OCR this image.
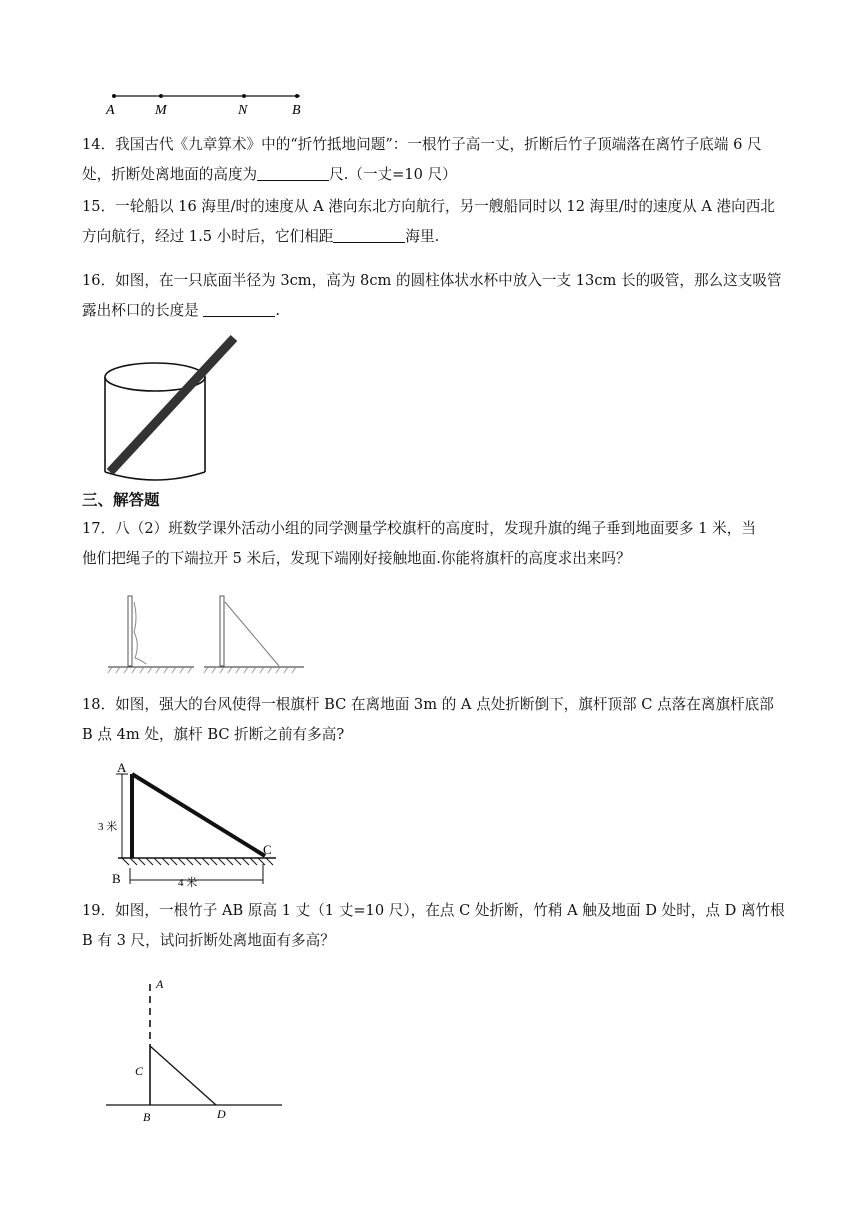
A	M	N	B

14．我国古代《九章算术》中的“折竹抵地问题”：一根竹子高一丈，折断后竹子顶端落在离竹子底端 6 尺
处，折断处离地面的高度为	尺.（一丈=10 尺）

15．一轮船以 16 海里/时的速度从 A 港向东北方向航行，另一艘船同时以 12 海里/时的速度从 A 港向西北
方向航行，经过 1.5 小时后，它们相距	海里.

16．如图，在一只底面半径为 3cm，高为 8cm 的圆柱体状水杯中放入一支 13cm 长的吸管，那么这支吸管
露出杯口的长度是	.

三、解答题

17．八（2）班数学课外活动小组的同学测量学校旗杆的高度时，发现升旗的绳子垂到地面要多 1 米，当
他们把绳子的下端拉开 5 米后，发现下端刚好接触地面.你能将旗杆的高度求出来吗？

18．如图，强大的台风使得一根旗杆 BC 在离地面 3m 的 A 点处折断倒下，旗杆顶部 C 点落在离旗杆底部
B 点 4m 处，旗杆 BC 折断之前有多高?

A
B
C
3 米
4 米

19．如图，一根竹子 AB 原高 1 丈（1 丈=10 尺），在点 C 处折断，竹稍 A 触及地面 D 处时，点 D 离竹根
B 有 3 尺，试问折断处离地面有多高？

A
C
B	D
